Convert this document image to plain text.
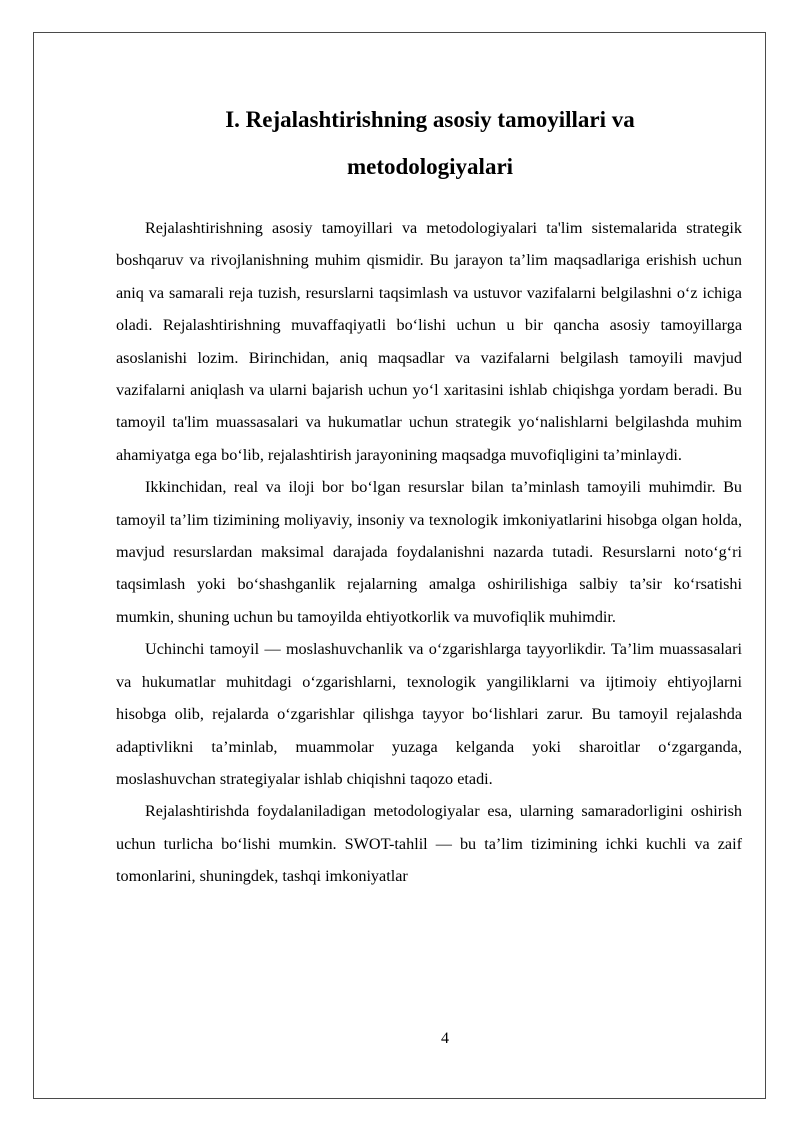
I. Rejalashtirishning asosiy tamoyillari va
metodologiyalari

Rejalashtirishning asosiy tamoyillari va metodologiyalari ta'lim sistemalarida strategik boshqaruv va rivojlanishning muhim qismidir. Bu jarayon ta’lim maqsadlariga erishish uchun aniq va samarali reja tuzish, resurslarni taqsimlash va ustuvor vazifalarni belgilashni o‘z ichiga oladi. Rejalashtirishning muvaffaqiyatli bo‘lishi uchun u bir qancha asosiy tamoyillarga asoslanishi lozim. Birinchidan, aniq maqsadlar va vazifalarni belgilash tamoyili mavjud vazifalarni aniqlash va ularni bajarish uchun yo‘l xaritasini ishlab chiqishga yordam beradi. Bu tamoyil ta'lim muassasalari va hukumatlar uchun strategik yo‘nalishlarni belgilashda muhim ahamiyatga ega bo‘lib, rejalashtirish jarayonining maqsadga muvofiqligini ta’minlaydi.

Ikkinchidan, real va iloji bor bo‘lgan resurslar bilan ta’minlash tamoyili muhimdir. Bu tamoyil ta’lim tizimining moliyaviy, insoniy va texnologik imkoniyatlarini hisobga olgan holda, mavjud resurslardan maksimal darajada foydalanishni nazarda tutadi. Resurslarni noto‘g‘ri taqsimlash yoki bo‘shashganlik rejalarning amalga oshirilishiga salbiy ta’sir ko‘rsatishi mumkin, shuning uchun bu tamoyilda ehtiyotkorlik va muvofiqlik muhimdir.

Uchinchi tamoyil — moslashuvchanlik va o‘zgarishlarga tayyorlikdir. Ta’lim muassasalari va hukumatlar muhitdagi o‘zgarishlarni, texnologik yangiliklarni va ijtimoiy ehtiyojlarni hisobga olib, rejalarda o‘zgarishlar qilishga tayyor bo‘lishlari zarur. Bu tamoyil rejalashda adaptivlikni ta’minlab, muammolar yuzaga kelganda yoki sharoitlar o‘zgarganda, moslashuvchan strategiyalar ishlab chiqishni taqozo etadi.

Rejalashtirishda foydalaniladigan metodologiyalar esa, ularning samaradorligini oshirish uchun turlicha bo‘lishi mumkin. SWOT-tahlil — bu ta’lim tizimining ichki kuchli va zaif tomonlarini, shuningdek, tashqi imkoniyatlar

4
